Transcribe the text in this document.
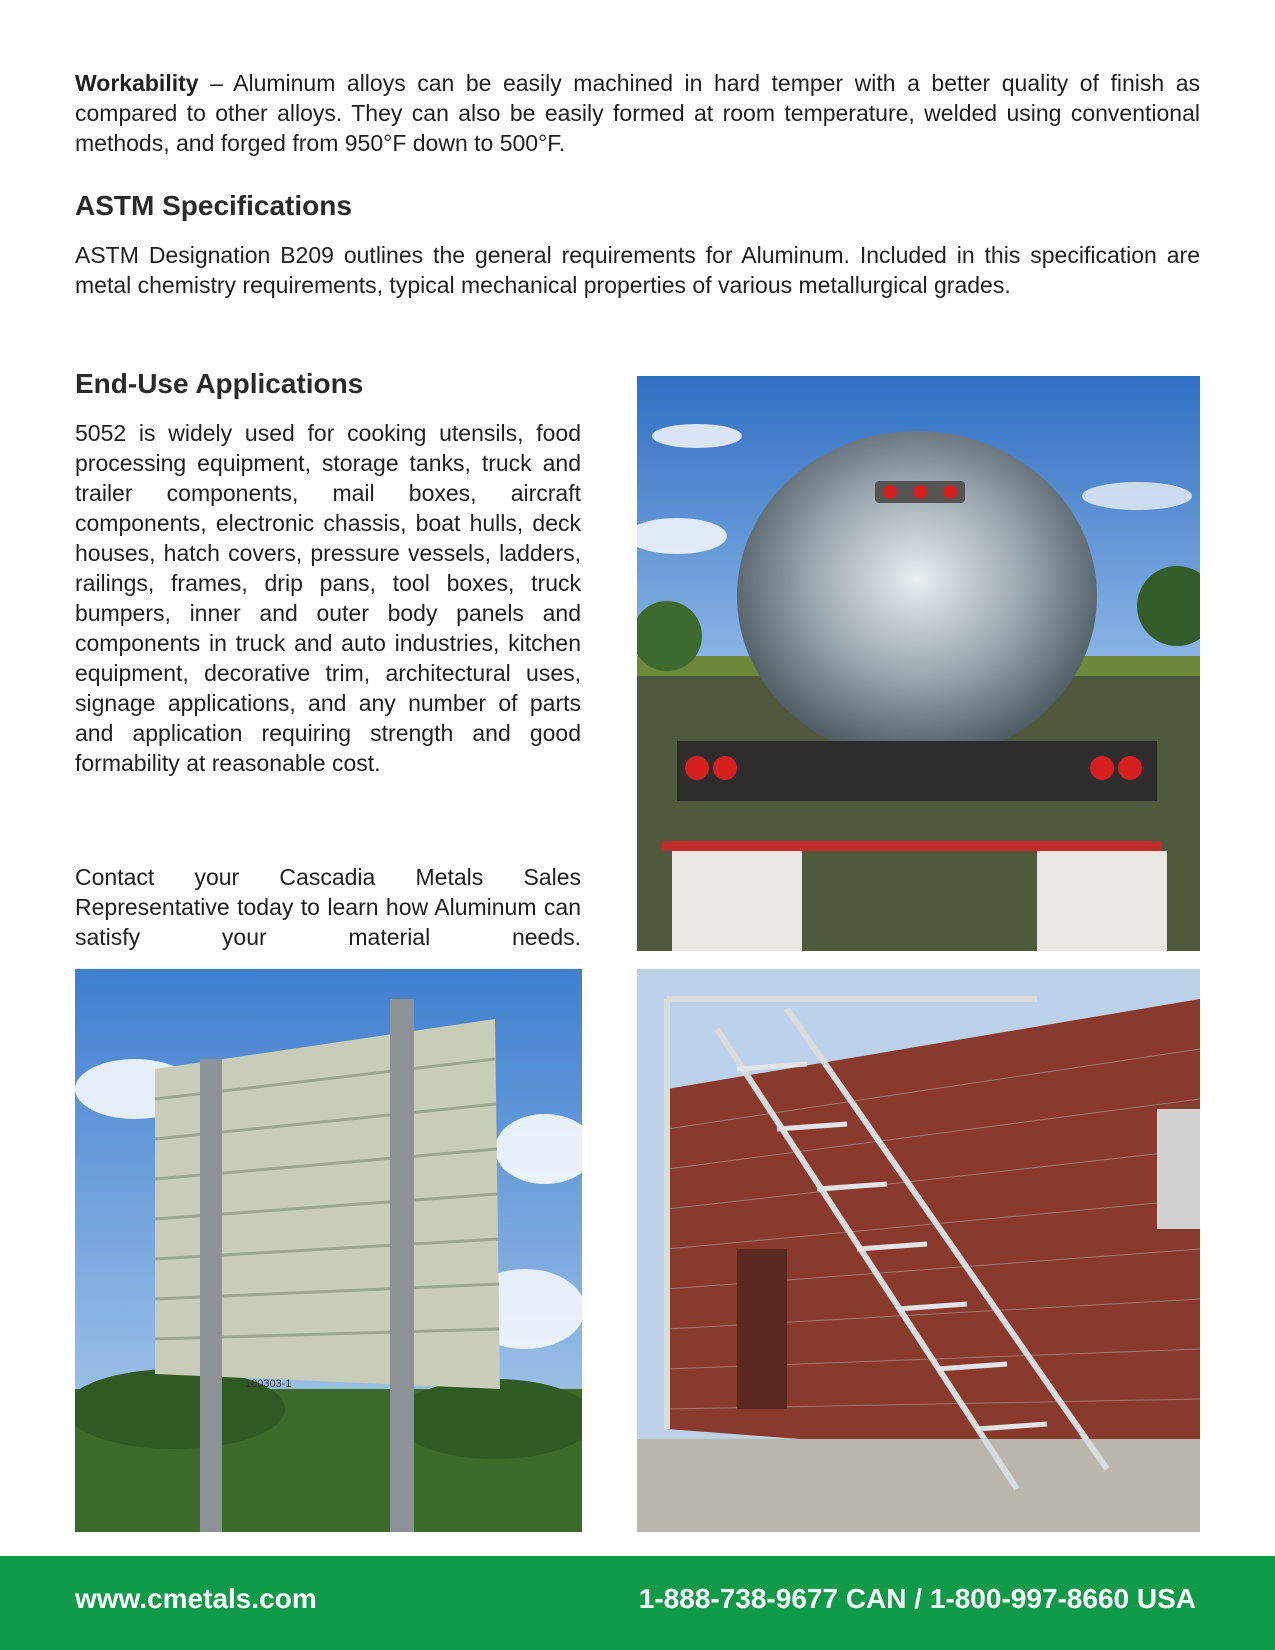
Workability – Aluminum alloys can be easily machined in hard temper with a better quality of finish as compared to other alloys. They can also be easily formed at room temperature, welded using conventional methods, and forged from 950°F down to 500°F.

ASTM Specifications

ASTM Designation B209 outlines the general requirements for Aluminum. Included in this specification are metal chemistry requirements, typical mechanical properties of various metallurgical grades.

End-Use Applications

5052 is widely used for cooking utensils, food processing equipment, storage tanks, truck and trailer components, mail boxes, aircraft components, electronic chassis, boat hulls, deck houses, hatch covers, pressure vessels, ladders, railings, frames, drip pans, tool boxes, truck bumpers, inner and outer body panels and components in truck and auto industries, kitchen equipment, decorative trim, architectural uses, signage applications, and any number of parts and application requiring strength and good formability at reasonable cost.

Contact your Cascadia Metals Sales Representative today to learn how Aluminum can satisfy your material needs.

100303-1
www.cmetals.com	1-888-738-9677 CAN / 1-800-997-8660 USA
